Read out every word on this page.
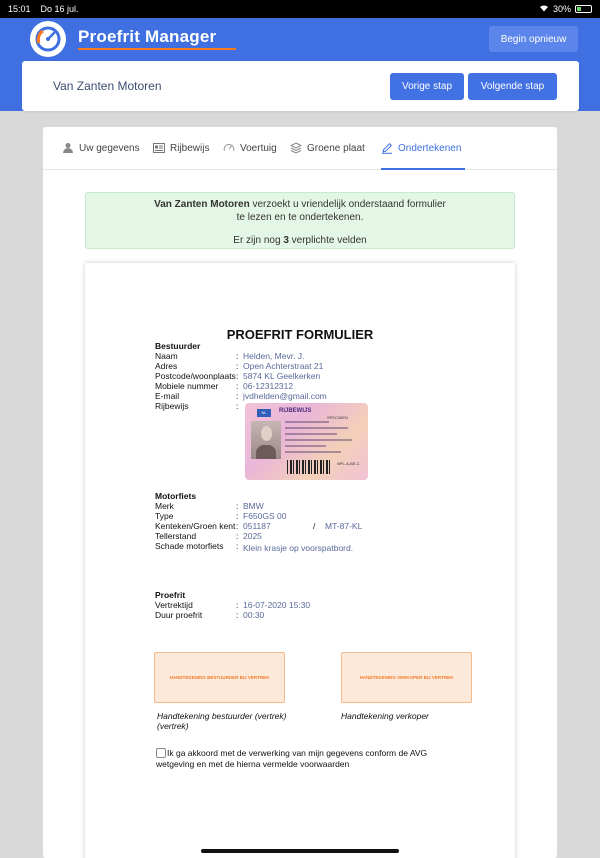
15:01 Do 16 jul.	30%
Proefrit Manager	Begin opnieuw
Van Zanten Motoren	Vorige stap	Volgende stap
Uw gegevens	Rijbewijs	Voertuig	Groene plaat	Ondertekenen
Van Zanten Motoren verzoekt u vriendelijk onderstaand formulier
te lezen en te ondertekenen.
Er zijn nog 3 verplichte velden
PROEFRIT FORMULIER
Bestuurder
Naam	: Helden, Mevr. J.
Adres	: Open Achterstraat 21
Postcode/woonplaats : 5874 KL Geelkerken
Mobiele nummer : 06-12312312
E-mail	: jvdhelden@gmail.com
Rijbewijs	:
NL	RIJBEWIJS
SPECIMEN
NPL-A-BE-C
Motorfiets
Merk	: BMW
Type	: F650GS 00
Kenteken/Groen kent : 051187	/ MT-87-KL
Tellerstand	: 2025
Schade motorfiets : Klein krasje op voorspatbord.
Proefrit
Vertrektijd	: 16-07-2020 15:30
Duur proefrit	: 00:30
HANDTEKENING BESTUURDER BIJ VERTREK	HANDTEKENING VERKOPER BIJ VERTREK
Handtekening bestuurder (vertrek)
(vertrek)
Handtekening verkoper
Ik ga akkoord met de verwerking van mijn gegevens conform de AVG wetgeving en met de hierna vermelde voorwaarden
